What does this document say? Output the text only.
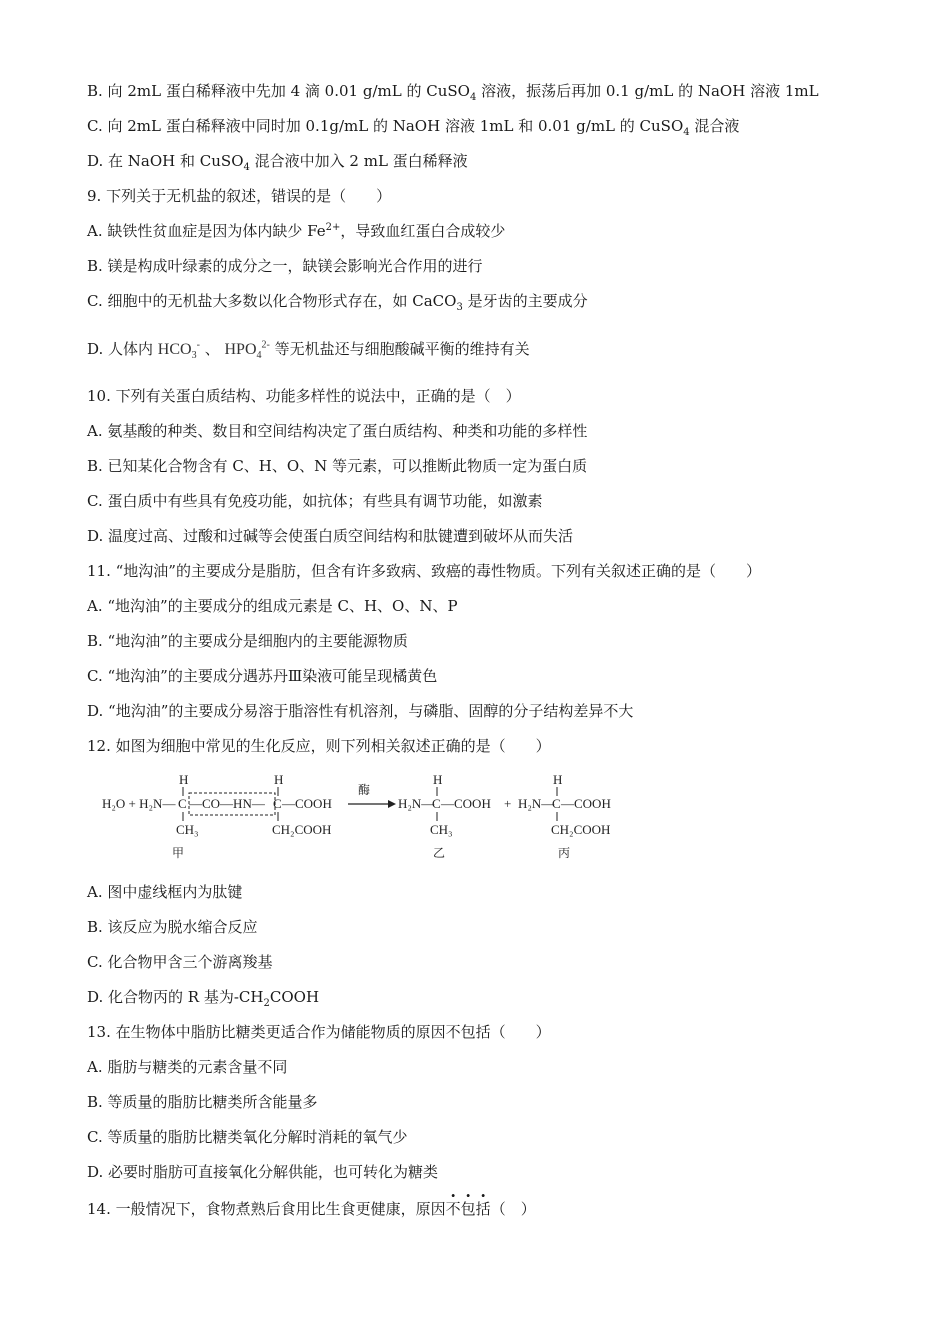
B. 向 2mL 蛋白稀释液中先加 4 滴 0.01 g/mL 的 CuSO$_4$ 溶液，振荡后再加 0.1 g/mL 的 NaOH 溶液 1mL
C. 向 2mL 蛋白稀释液中同时加 0.1g/mL 的 NaOH 溶液 1mL 和 0.01 g/mL 的 CuSO$_4$ 混合液
D. 在 NaOH 和 CuSO$_4$ 混合液中加入 2 mL 蛋白稀释液
9. 下列关于无机盐的叙述，错误的是（　　）
A. 缺铁性贫血症是因为体内缺少 $Fe^{2+}$，导致血红蛋白合成较少
B. 镁是构成叶绿素的成分之一，缺镁会影响光合作用的进行
C. 细胞中的无机盐大多数以化合物形式存在，如 CaCO$_3$ 是牙齿的主要成分
D. 人体内 $HCO_3^-$ 、 $HPO_4^{2-}$ 等无机盐还与细胞酸碱平衡的维持有关
10. 下列有关蛋白质结构、功能多样性的说法中，正确的是（　）
A. 氨基酸的种类、数目和空间结构决定了蛋白质结构、种类和功能的多样性
B. 已知某化合物含有 C、H、O、N 等元素，可以推断此物质一定为蛋白质
C. 蛋白质中有些具有免疫功能，如抗体；有些具有调节功能，如激素
D. 温度过高、过酸和过碱等会使蛋白质空间结构和肽键遭到破坏从而失活
11. “地沟油”的主要成分是脂肪，但含有许多致病、致癌的毒性物质。下列有关叙述正确的是（　　）
A. “地沟油”的主要成分的组成元素是 C、H、O、N、P
B. “地沟油”的主要成分是细胞内的主要能源物质
C. “地沟油”的主要成分遇苏丹Ⅲ染液可能呈现橘黄色
D. “地沟油”的主要成分易溶于脂溶性有机溶剂，与磷脂、固醇的分子结构差异不大
12. 如图为细胞中常见的生化反应，则下列相关叙述正确的是（　　）
H₂O + H₂N—
H
C
CH₃
—CO—HN—
H
C —COOH
CH₂COOH
甲
酶
H₂N—
H
C —COOH
CH₃
乙
+ H₂N—
H
C —COOH
CH₂COOH
丙
A. 图中虚线框内为肽键
B. 该反应为脱水缩合反应
C. 化合物甲含三个游离羧基
D. 化合物丙的 R 基为$-CH_2COOH$
13. 在生物体中脂肪比糖类更适合作为储能物质的原因不包括（　　）
A. 脂肪与糖类的元素含量不同
B. 等质量的脂肪比糖类所含能量多
C. 等质量的脂肪比糖类氧化分解时消耗的氧气少
D. 必要时脂肪可直接氧化分解供能，也可转化为糖类
14. 一般情况下，食物煮熟后食用比生食更健康，原因不包括（　）
